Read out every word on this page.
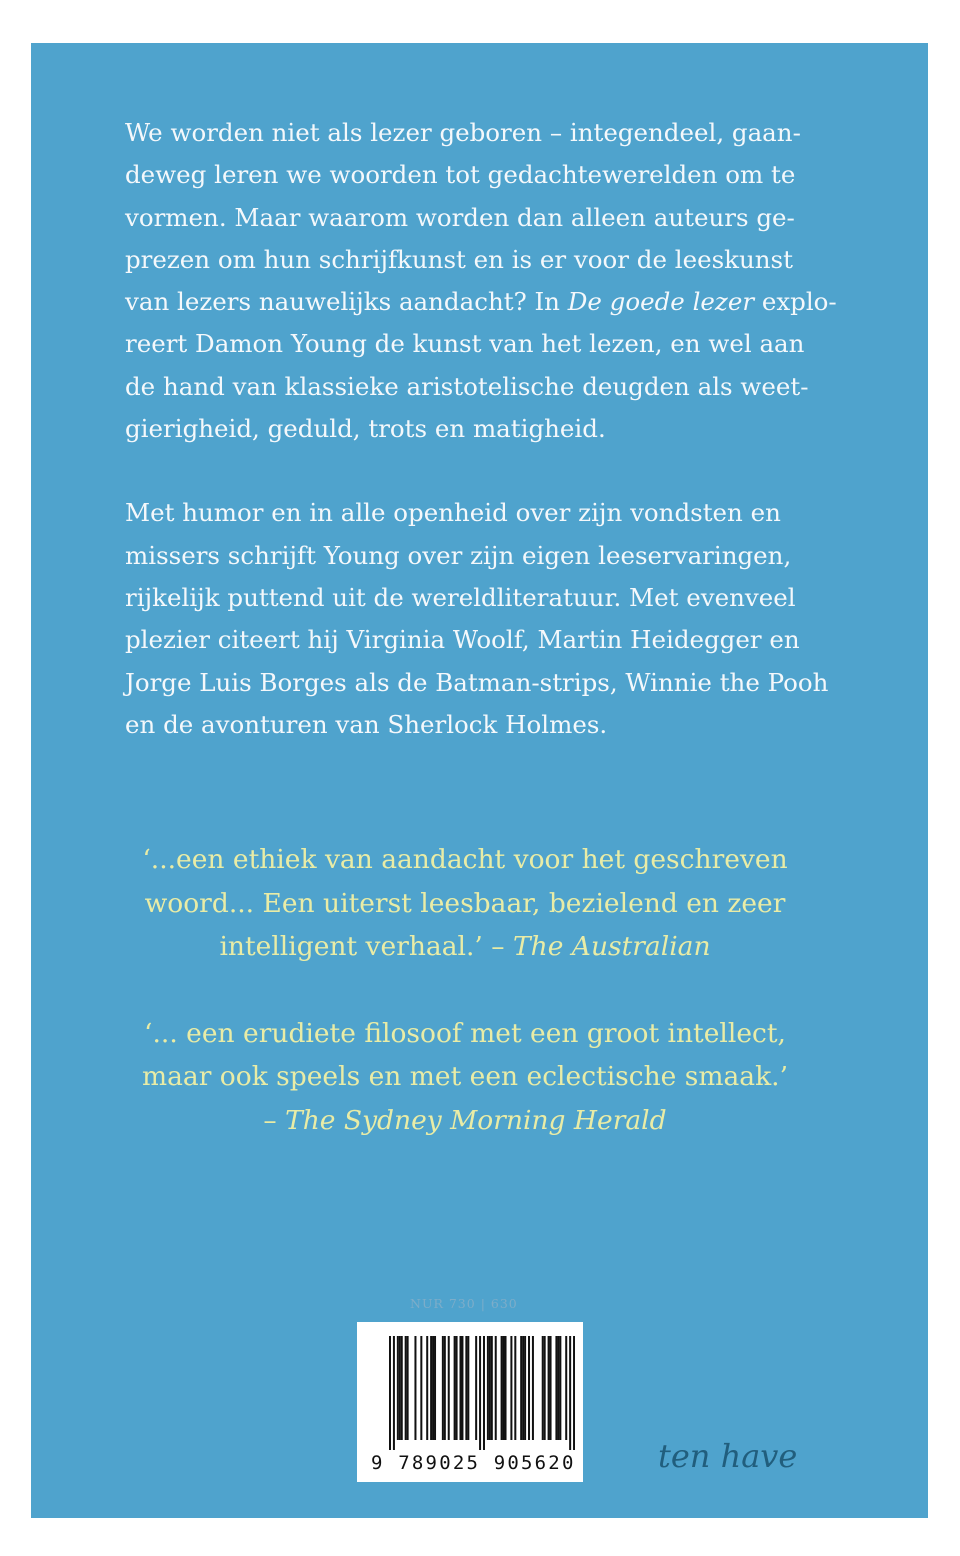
We worden niet als lezer geboren – integendeel, gaan-
deweg leren we woorden tot gedachtewerelden om te
vormen. Maar waarom worden dan alleen auteurs ge-
prezen om hun schrijfkunst en is er voor de leeskunst
van lezers nauwelijks aandacht? In De goede lezer explo-
reert Damon Young de kunst van het lezen, en wel aan
de hand van klassieke aristotelische deugden als weet-
gierigheid, geduld, trots en matigheid.

Met humor en in alle openheid over zijn vondsten en
missers schrijft Young over zijn eigen leeservaringen,
rijkelijk puttend uit de wereldliteratuur. Met evenveel
plezier citeert hij Virginia Woolf, Martin Heidegger en
Jorge Luis Borges als de Batman-strips, Winnie the Pooh
en de avonturen van Sherlock Holmes.

‘...een ethiek van aandacht voor het geschreven
woord... Een uiterst leesbaar, bezielend en zeer
intelligent verhaal.’ – The Australian

‘... een erudiete filosoof met een groot intellect,
maar ook speels en met een eclectische smaak.’
– The Sydney Morning Herald

NUR 730 | 630
9 789025 905620	ten have
